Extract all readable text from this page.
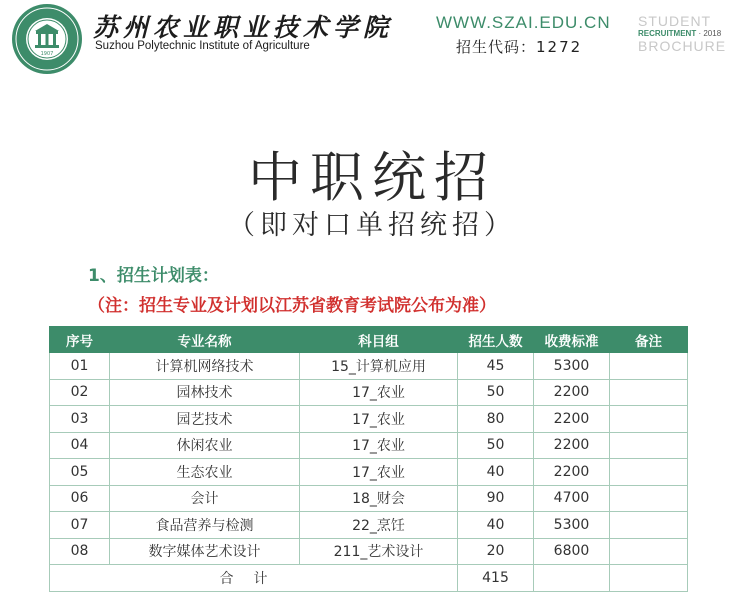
1907
苏州农业职业技术学院
Suzhou Polytechnic Institute of Agriculture
WWW.SZAI.EDU.CN
招生代码：1272
STUDENT
RECRUITMENT · 2018
BROCHURE
中职统招
（即对口单招统招）
1、招生计划表：
（注：招生专业及计划以江苏省教育考试院公布为准）
序号	专业名称	科目组	招生人数	收费标准	备注
01	计算机网络技术	15_计算机应用	45	5300	
02	园林技术	17_农业	50	2200	
03	园艺技术	17_农业	80	2200	
04	休闲农业	17_农业	50	2200	
05	生态农业	17_农业	40	2200	
06	会计	18_财会	90	4700	
07	食品营养与检测	22_烹饪	40	5300	
08	数字媒体艺术设计	211_艺术设计	20	6800	
合计			415		
